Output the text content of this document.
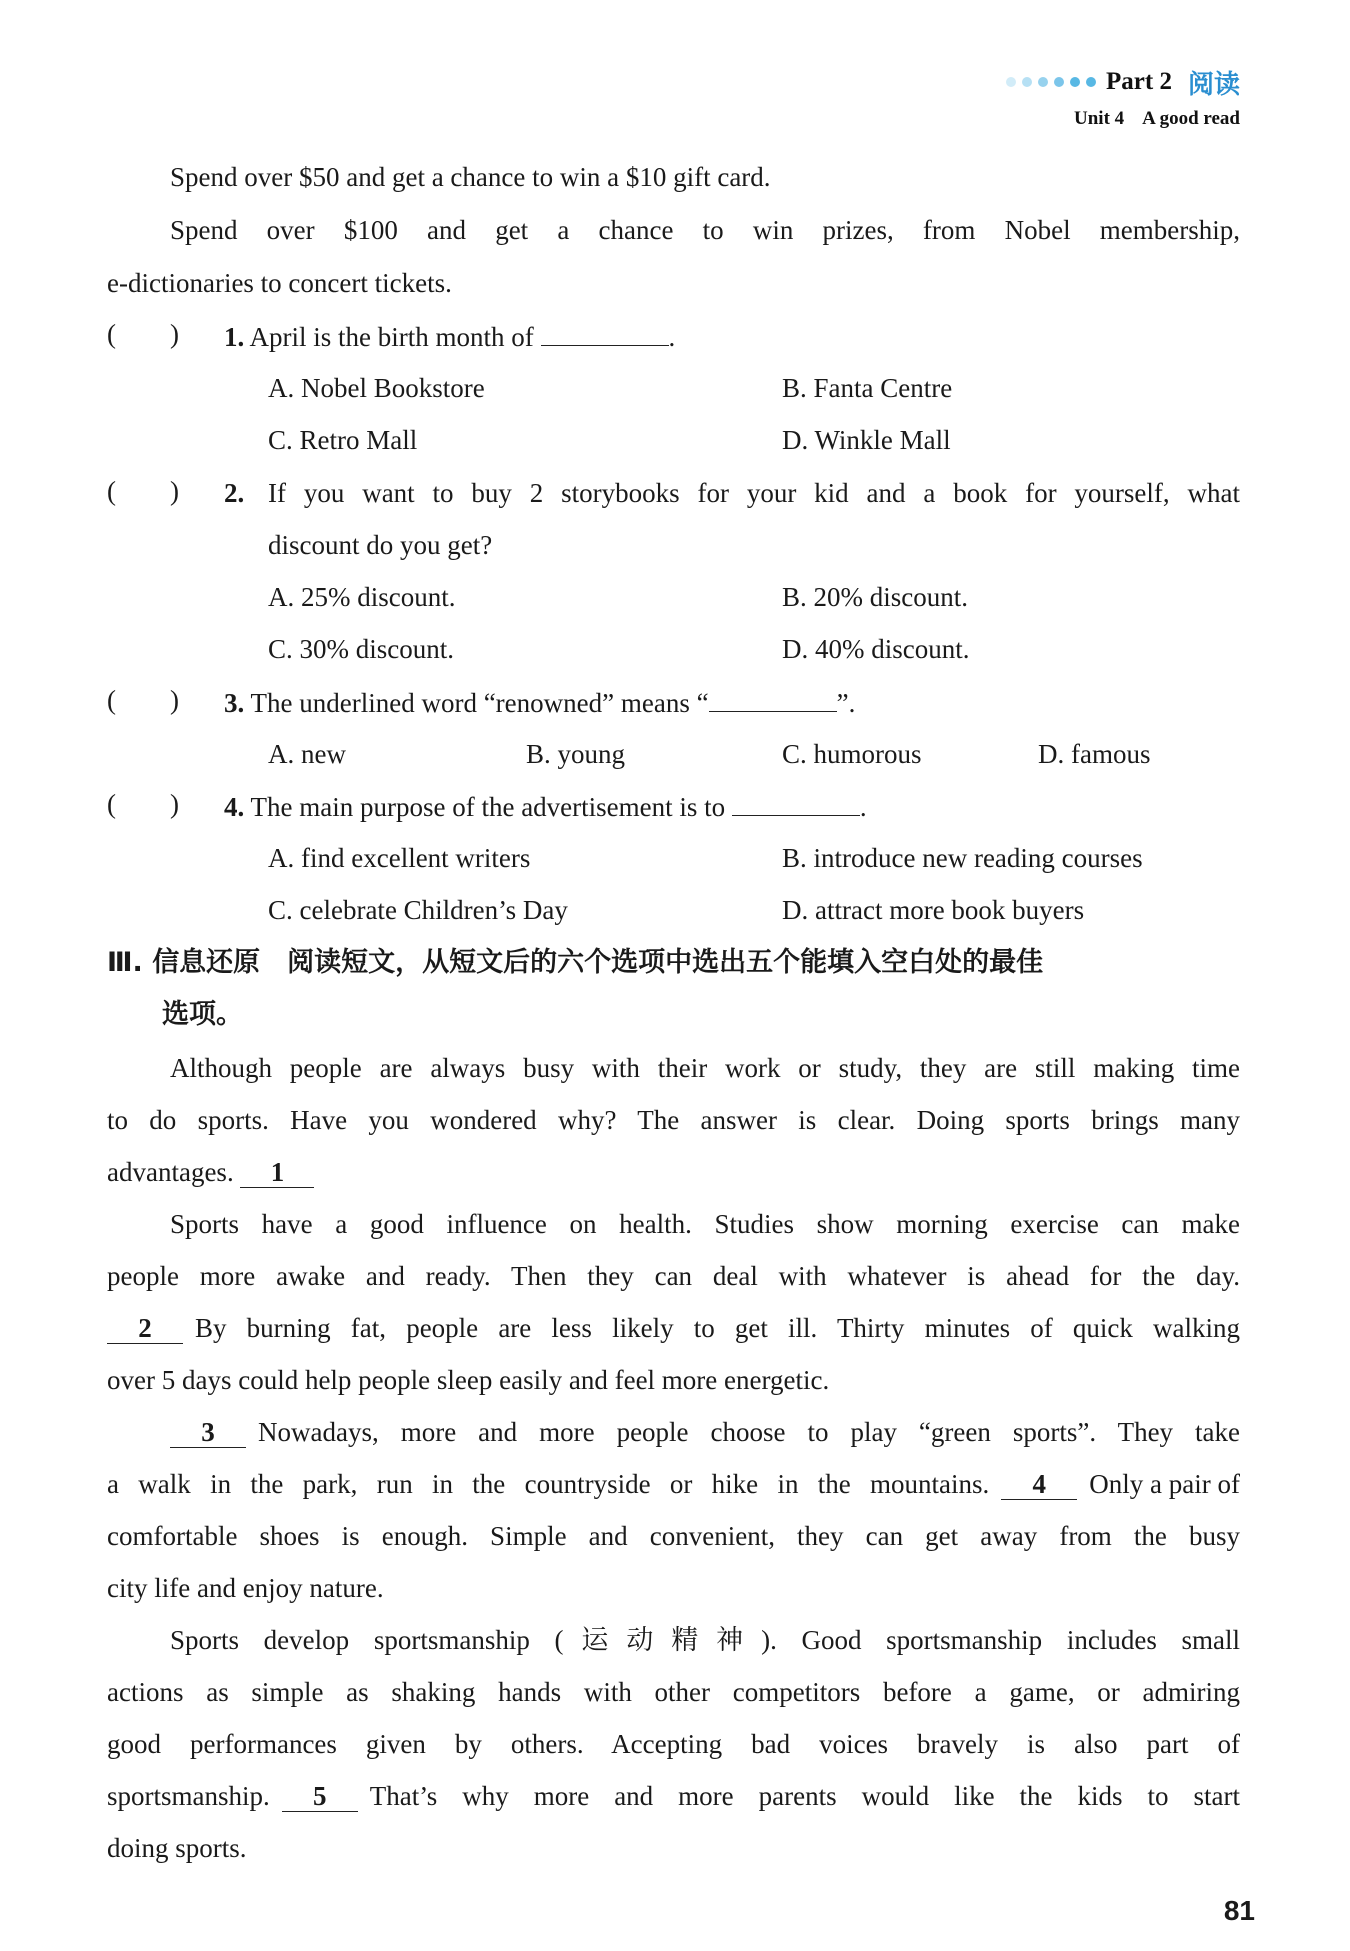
Part 2 阅读
Unit 4 A good read
Spend over $50 and get a chance to win a $10 gift card.
Spend over $100 and get a chance to win prizes, from Nobel membership,
e-dictionaries to concert tickets.
(        ) 1. April is the birth month of	.
A. Nobel Bookstore	B. Fanta Centre
C. Retro Mall	D. Winkle Mall
(        ) 2. If you want to buy 2 storybooks for your kid and a book for yourself, what
discount do you get?
A. 25% discount.	B. 20% discount.
C. 30% discount.	D. 40% discount.
(        ) 3. The underlined word “renowned” means “	”.
A. new	B. young	C. humorous	D. famous
(        ) 4. The main purpose of the advertisement is to	.
A. find excellent writers	B. introduce new reading courses
C. celebrate Children’s Day	D. attract more book buyers
Ⅲ. 信息还原　阅读短文，从短文后的六个选项中选出五个能填入空白处的最佳
选项。
Although people are always busy with their work or study, they are still making time
to do sports. Have you wondered why? The answer is clear. Doing sports brings many
advantages. 1
Sports have a good influence on health. Studies show morning exercise can make
people more awake and ready. Then they can deal with whatever is ahead for the day.
2	By burning fat, people are less likely to get ill. Thirty minutes of quick walking
over 5 days could help people sleep easily and feel more energetic.
3	Nowadays, more and more people choose to play “green sports”. They take
a walk in the park, run in the countryside or hike in the mountains.	4	Only a pair of
comfortable shoes is enough. Simple and convenient, they can get away from the busy
city life and enjoy nature.
Sports develop sportsmanship (运动精神). Good sportsmanship includes small
actions as simple as shaking hands with other competitors before a game, or admiring
good performances given by others. Accepting bad voices bravely is also part of
sportsmanship.	5	That’s why more and more parents would like the kids to start
doing sports.
81
